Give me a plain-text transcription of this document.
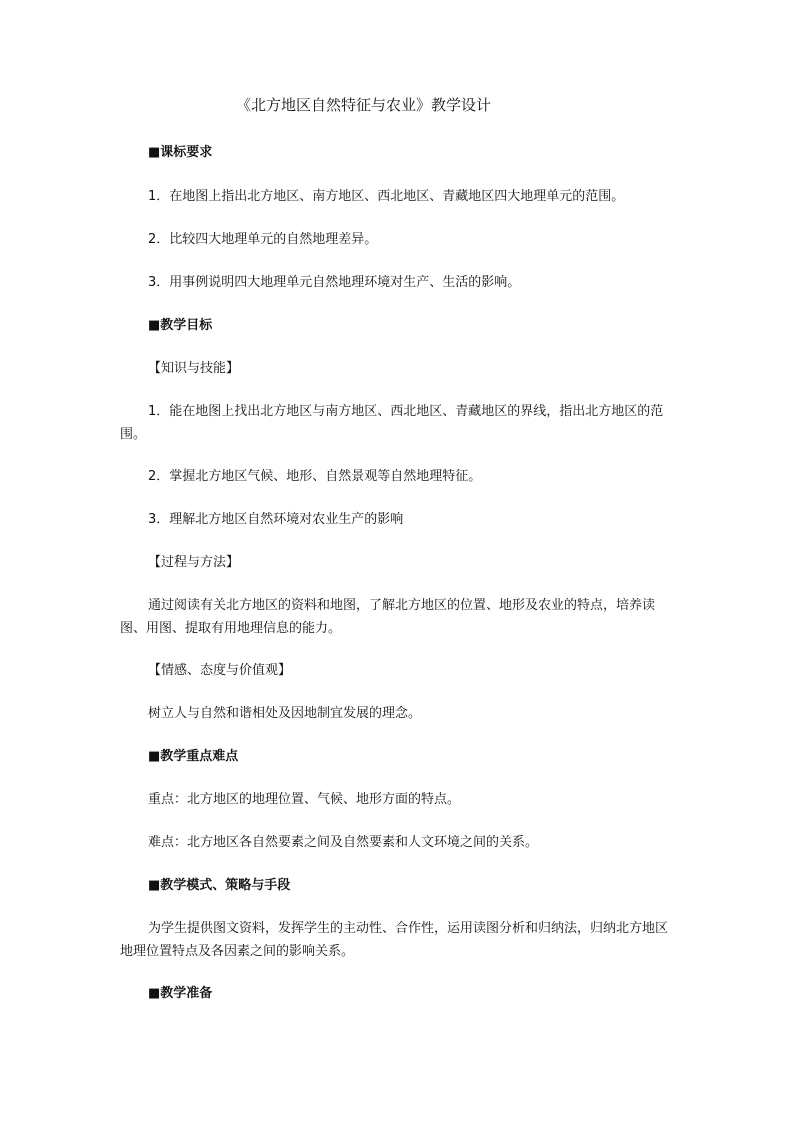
《北方地区自然特征与农业》教学设计
■课标要求
1．在地图上指出北方地区、南方地区、西北地区、青藏地区四大地理单元的范围。
2．比较四大地理单元的自然地理差异。
3．用事例说明四大地理单元自然地理环境对生产、生活的影响。
■教学目标
【知识与技能】
1．能在地图上找出北方地区与南方地区、西北地区、青藏地区的界线，指出北方地区的范围。
2．掌握北方地区气候、地形、自然景观等自然地理特征。
3．理解北方地区自然环境对农业生产的影响
【过程与方法】
通过阅读有关北方地区的资料和地图，了解北方地区的位置、地形及农业的特点，培养读图、用图、提取有用地理信息的能力。
【情感、态度与价值观】
树立人与自然和谐相处及因地制宜发展的理念。
■教学重点难点
重点：北方地区的地理位置、气候、地形方面的特点。
难点：北方地区各自然要素之间及自然要素和人文环境之间的关系。
■教学模式、策略与手段
为学生提供图文资料，发挥学生的主动性、合作性，运用读图分析和归纳法，归纳北方地区地理位置特点及各因素之间的影响关系。
■教学准备
